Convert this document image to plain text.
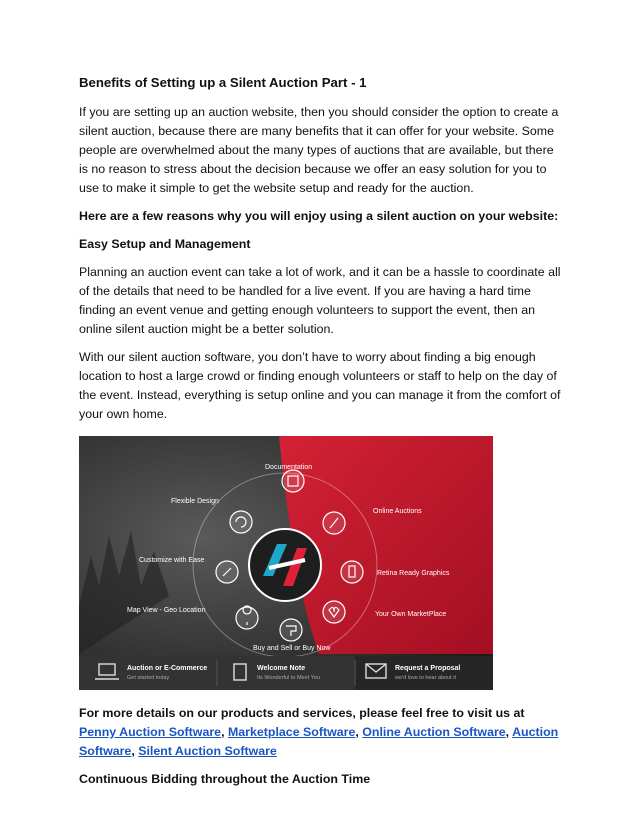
Benefits of Setting up a Silent Auction Part - 1

If you are setting up an auction website, then you should consider the option to create a silent auction, because there are many benefits that it can offer for your website. Some people are overwhelmed about the many types of auctions that are available, but there is no reason to stress about the decision because we offer an easy solution for you to use to make it simple to get the website setup and ready for the auction.

Here are a few reasons why you will enjoy using a silent auction on your website:

Easy Setup and Management

Planning an auction event can take a lot of work, and it can be a hassle to coordinate all of the details that need to be handled for a live event. If you are having a hard time finding an event venue and getting enough volunteers to support the event, then an online silent auction might be a better solution.

With our silent auction software, you don’t have to worry about finding a big enough location to host a large crowd or finding enough volunteers or staff to help on the day of the event. Instead, everything is setup online and you can manage it from the comfort of your own home.

Documentation
Flexible Design
Online Auctions
Customize with Ease
Retina Ready Graphics
Map View - Geo Location
Your Own MarketPlace
Buy and Sell or Buy Now
Auction or E-Commerce
Get started today
Welcome Note
Its Wonderful to Meet You
Request a Proposal
we'd love to hear about it

For more details on our products and services, please feel free to visit us at Penny Auction Software, Marketplace Software, Online Auction Software, Auction Software, Silent Auction Software

Continuous Bidding throughout the Auction Time
